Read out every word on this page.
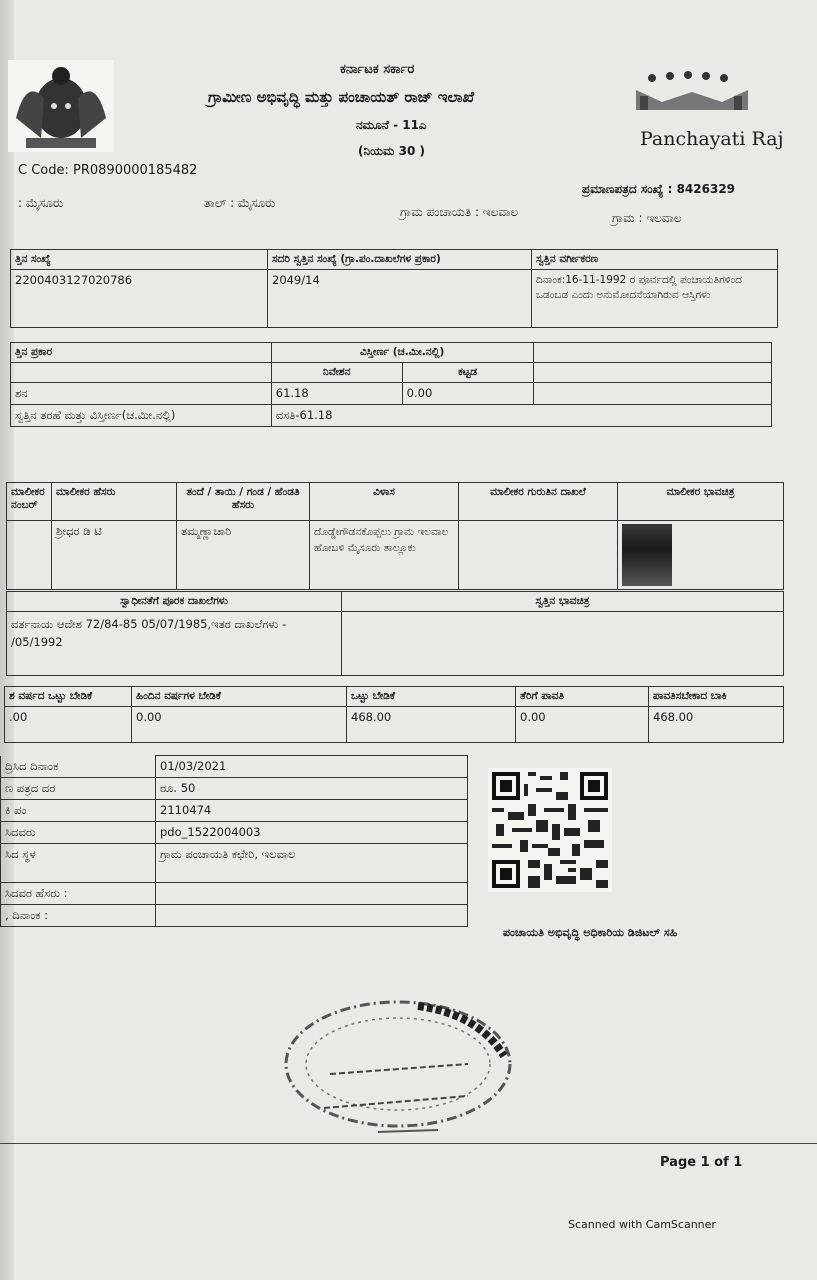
ಕರ್ನಾಟಕ ಸರ್ಕಾರ
ಗ್ರಾಮೀಣ ಅಭಿವೃದ್ಧಿ ಮತ್ತು ಪಂಚಾಯತ್ ರಾಜ್ ಇಲಾಖೆ
ನಮೂನೆ - 11ಎ
(ನಿಯಮ 30 )
Panchayati Raj
C Code: PR0890000185482
ಪ್ರಮಾಣಪತ್ರದ ಸಂಖ್ಯೆ : 8426329
: ಮೈಸೂರು	ತಾಲ್ : ಮೈಸೂರು
ಗ್ರಾಮ ಪಂಚಾಯತಿ : ಇಲವಾಲ	ಗ್ರಾಮ : ಇಲವಾಲ
ತ್ತಿನ ಸಂಖ್ಯೆ	ಸದರಿ ಸ್ವತ್ತಿನ ಸಂಖ್ಯೆ (ಗ್ರಾ.ಪಂ.ದಾಖಲೆಗಳ ಪ್ರಕಾರ)	ಸ್ವತ್ತಿನ ವರ್ಗೀಕರಣ
2200403127020786	2049/14	ದಿನಾಂಕ:16-11-1992 ರ ಪೂರ್ವದಲ್ಲಿ ಪಂಚಾಯತಿಗಳಿಂದ ಒಡಂಬಡ ಎಂದು ಅನುಮೋದನೆಯಾಗಿರುವ ಆಸ್ತಿಗಳು
ತ್ತಿನ ಪ್ರಕಾರ	ವಿಸ್ತೀರ್ಣ (ಚ.ಮೀ.ನಲ್ಲಿ)		
	ನಿವೇಶನ	ಕಟ್ಟಡ	
ಶನ	61.18	0.00	
ಸ್ವತ್ತಿನ ತರಹೆ ಮತ್ತು ವಿಸ್ತೀರ್ಣ(ಚ.ಮೀ.ನಲ್ಲಿ)	ವಸತಿ-61.18		
ಮಾಲೀಕರ ನಂಬರ್	ಮಾಲೀಕರ ಹೆಸರು	ತಂದೆ / ತಾಯಿ / ಗಂಡ / ಹೆಂಡತಿ ಹೆಸರು	ವಿಳಾಸ	ಮಾಲೀಕರ ಗುರುತಿನ ದಾಖಲೆ	ಮಾಲೀಕರ ಭಾವಚಿತ್ರ
	ಶ್ರೀಧರ ಡಿ ಟಿ	ತಮ್ಮಣ್ಣಾಚಾರಿ	ದೊಡ್ಡೇಗೌಡನಕೊಪ್ಪಲು ಗ್ರಾಮ ಇಲವಾಲ ಹೋಬಳಿ ಮೈಸೂರು ತಾಲ್ಲೂಕು		
ಸ್ವಾಧೀನತೆಗೆ ಪೂರಕ ದಾಖಲೆಗಳು	ಸ್ವತ್ತಿನ ಭಾವಚಿತ್ರ
ವರ್ತನಾಯ ಆದೇಶ 72/84-85 05/07/1985,ಇತರ ದಾಖಲೆಗಳು - /05/1992	
ಶ ವರ್ಷದ ಒಟ್ಟು ಬೇಡಿಕೆ	ಹಿಂದಿನ ವರ್ಷಗಳ ಬೇಡಿಕೆ	ಒಟ್ಟು ಬೇಡಿಕೆ	ತೆರಿಗೆ ಪಾವತಿ	ಪಾವತಿಸಬೇಕಾದ ಬಾಕಿ
.00	0.00	468.00	0.00	468.00
ದ್ರಿಸಿದ ದಿನಾಂಕ	01/03/2021
ಣ ಪತ್ರದ ದರ	ರೂ. 50
ಕಿ ಪಂ	2110474
ಸಿದವರು	pdo_1522004003
ಸಿದ ಸ್ಥಳ	ಗ್ರಾಮ ಪಂಚಾಯತಿ ಕಛೇರಿ, ಇಲವಾಲ
ಸಿದವರ ಹೆಸರು :	
, ದಿನಾಂಕ :	
ಪಂಚಾಯತಿ ಅಭಿವೃದ್ಧಿ ಅಧಿಕಾರಿಯ ಡಿಜಿಟಲ್ ಸಹಿ
Page 1 of 1
Scanned with CamScanner
